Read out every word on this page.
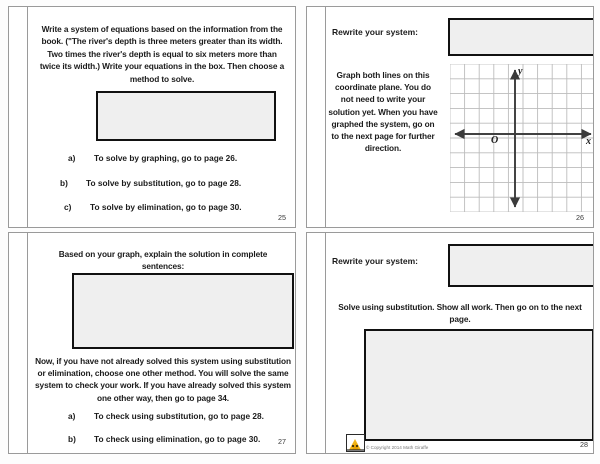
Write a system of equations based on the information from the book. ("The river's depth is three meters greater than its width. Two times the river's depth is equal to six meters more than twice its width.) Write your equations in the box. Then choose a method to solve.
a)	To solve by graphing, go to page 26.
b)	To solve by substitution, go to page 28.
c)	To solve by elimination, go to page 30.
25
Rewrite your system:
Graph both lines on this coordinate plane. You do not need to write your solution yet. When you have graphed the system, go on to the next page for further direction.
O	x
y
26
Based on your graph, explain the solution in complete sentences:
Now, if you have not already solved this system using substitution or elimination, choose one other method. You will solve the same system to check your work. If you have already solved this system one other way, then go to page 34.
a)	To check using substitution, go to page 28.
b)	To check using elimination, go to page 30. 27
Rewrite your system:
Solve using substitution. Show all work. Then go on to the next page.
© Copyright 2014 Math Giraffe	28
